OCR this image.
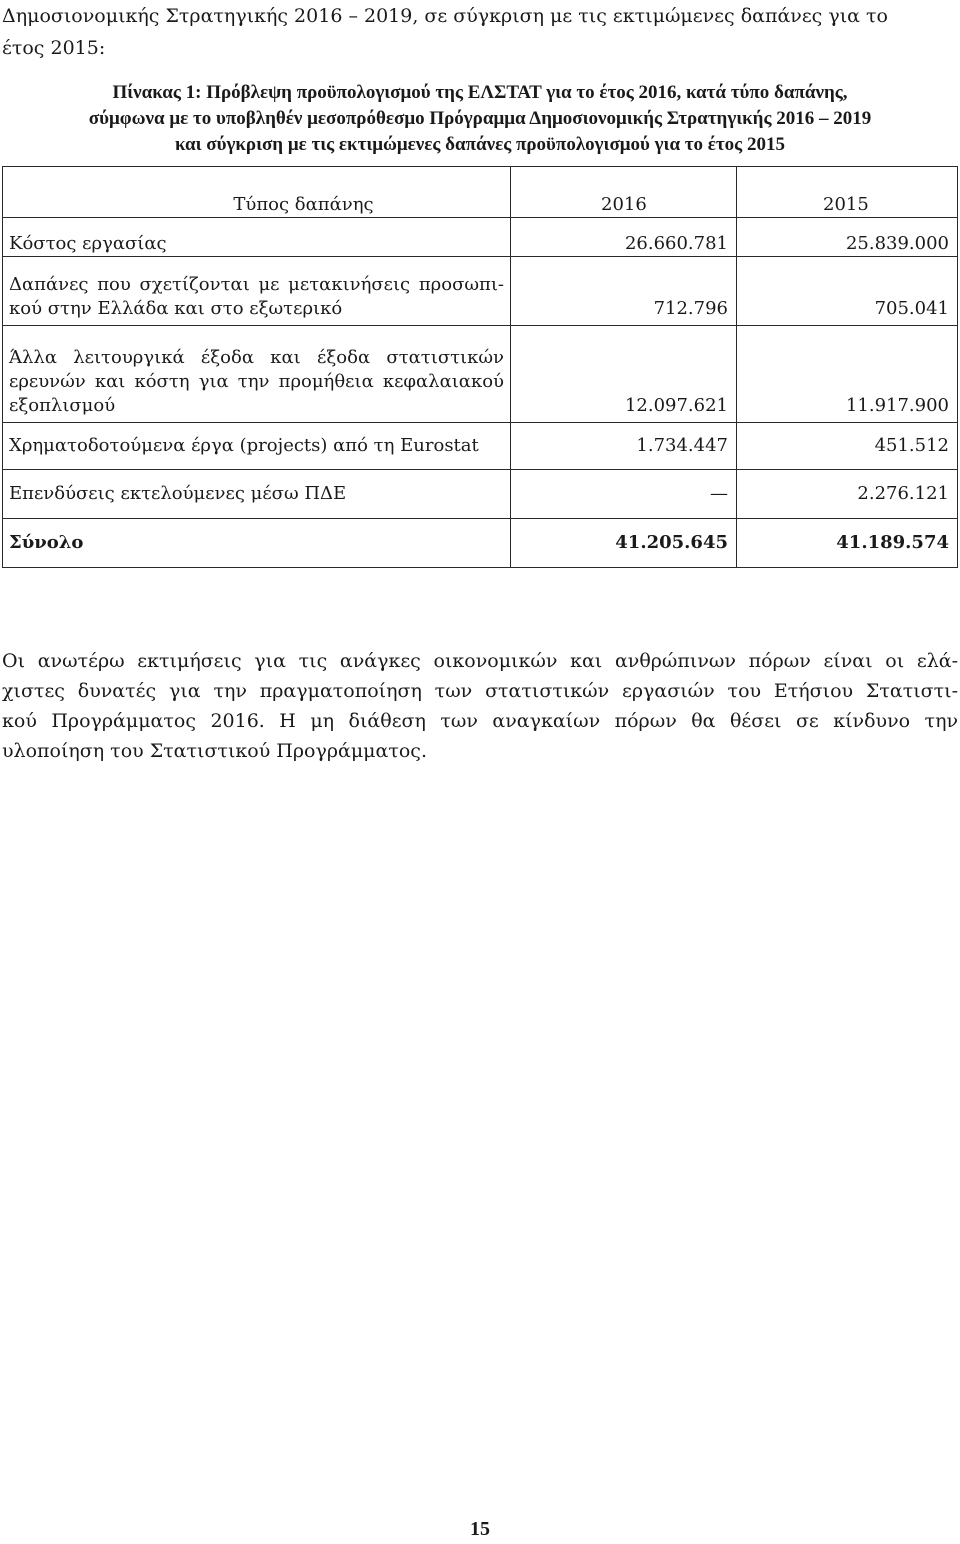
Δημοσιονομικής Στρατηγικής 2016 – 2019, σε σύγκριση με τις εκτιμώμενες δαπάνες για το
έτος 2015:
Πίνακας 1: Πρόβλεψη προϋπολογισμού της ΕΛΣΤΑΤ για το έτος 2016, κατά τύπο δαπάνης,
σύμφωνα με το υποβληθέν μεσοπρόθεσμο Πρόγραμμα Δημοσιονομικής Στρατηγικής 2016 – 2019
και σύγκριση με τις εκτιμώμενες δαπάνες προϋπολογισμού για το έτος 2015
Τύπος δαπάνης	2016	2015
Κόστος εργασίας	26.660.781	25.839.000

Δαπάνες που σχετίζονται με μετακινήσεις προσωπι-
κού στην Ελλάδα και στο εξωτερικό	712.796	705.041

Άλλα λειτουργικά έξοδα και έξοδα στατιστικών
ερευνών και κόστη για την προμήθεια κεφαλαιακού
εξοπλισμού	12.097.621	11.917.900
Χρηματοδοτούμενα έργα (projects) από τη Eurostat	1.734.447	451.512
Επενδύσεις εκτελούμενες μέσω ΠΔΕ	—	2.276.121
Σύνολο	41.205.645	41.189.574
Οι ανωτέρω εκτιμήσεις για τις ανάγκες οικονομικών και ανθρώπινων πόρων είναι οι ελά-
χιστες δυνατές για την πραγματοποίηση των στατιστικών εργασιών του Ετήσιου Στατιστι-
κού Προγράμματος 2016. Η μη διάθεση των αναγκαίων πόρων θα θέσει σε κίνδυνο την
υλοποίηση του Στατιστικού Προγράμματος.
15
